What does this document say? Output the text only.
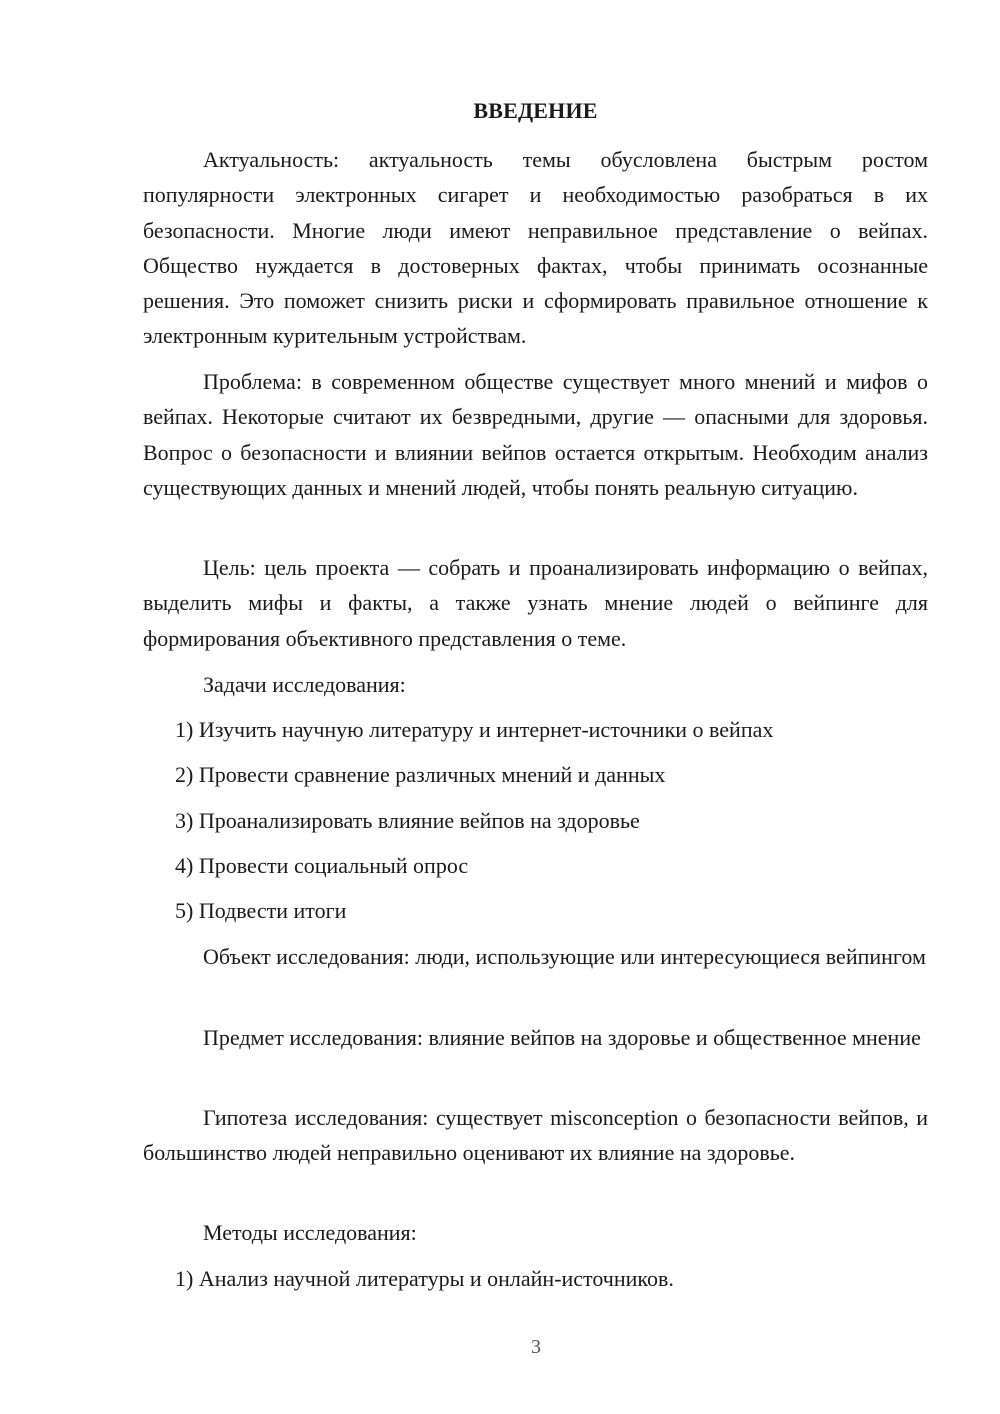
ВВЕДЕНИЕ

Актуальность: актуальность темы обусловлена быстрым ростом популярности электронных сигарет и необходимостью разобраться в их безопасности. Многие люди имеют неправильное представление о вейпах. Общество нуждается в достоверных фактах, чтобы принимать осознанные решения. Это поможет снизить риски и сформировать правильное отношение к электронным курительным устройствам.

Проблема: в современном обществе существует много мнений и мифов о вейпах. Некоторые считают их безвредными, другие — опасными для здоровья. Вопрос о безопасности и влиянии вейпов остается открытым. Необходим анализ существующих данных и мнений людей, чтобы понять реальную ситуацию.

Цель: цель проекта — собрать и проанализировать информацию о вейпах, выделить мифы и факты, а также узнать мнение людей о вейпинге для формирования объективного представления о теме.

Задачи исследования:

1) Изучить научную литературу и интернет-источники о вейпах

2) Провести сравнение различных мнений и данных

3) Проанализировать влияние вейпов на здоровье

4) Провести социальный опрос

5) Подвести итоги

Объект исследования: люди, использующие или интересующиеся вейпингом

Предмет исследования: влияние вейпов на здоровье и общественное мнение

Гипотеза исследования: существует misconception о безопасности вейпов, и большинство людей неправильно оценивают их влияние на здоровье.

Методы исследования:

1) Анализ научной литературы и онлайн-источников.

3
